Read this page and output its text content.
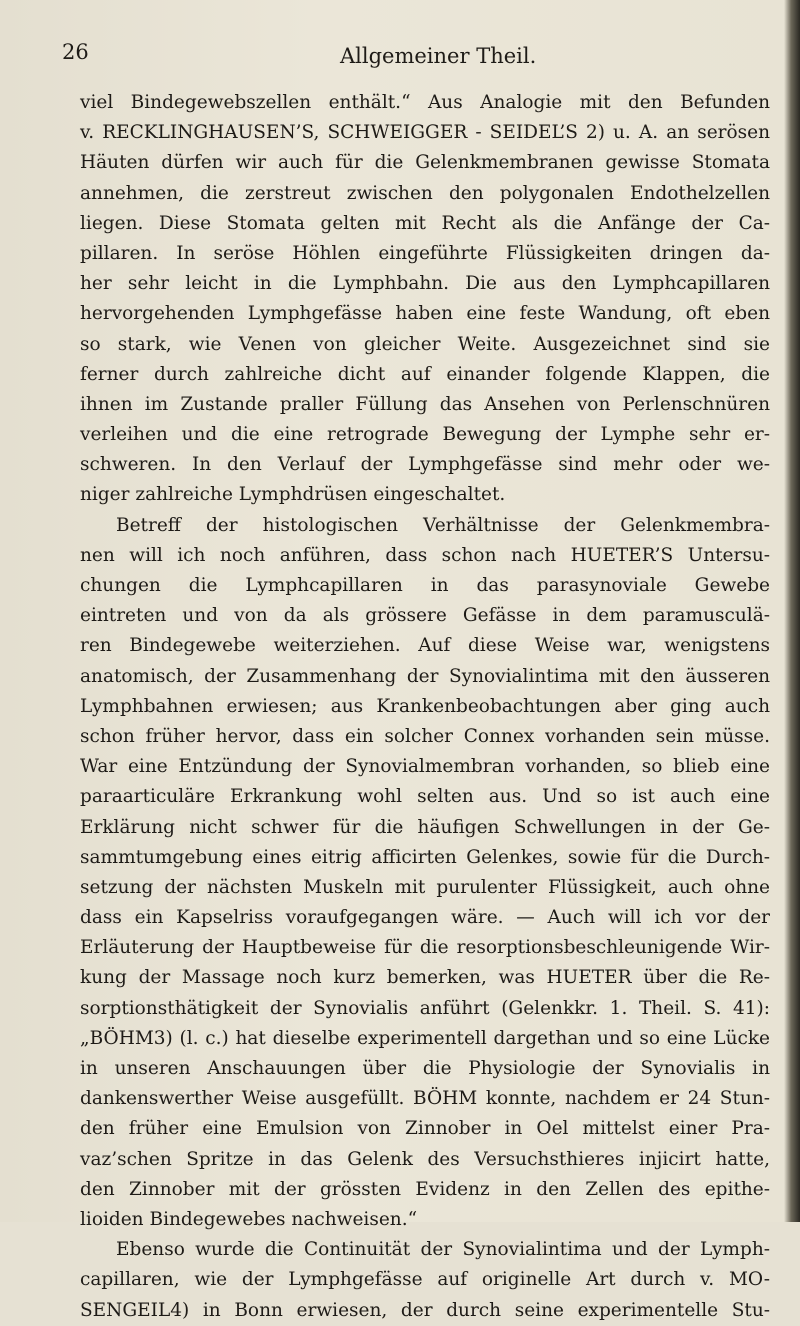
26	Allgemeiner Theil.
viel Bindegewebszellen enthält.“ Aus Analogie mit den Befunden
v. RECKLINGHAUSEN’S, SCHWEIGGER - SEIDEL’S 2) u. A. an serösen
Häuten dürfen wir auch für die Gelenkmembranen gewisse Stomata
annehmen, die zerstreut zwischen den polygonalen Endothelzellen
liegen. Diese Stomata gelten mit Recht als die Anfänge der Ca-
pillaren. In seröse Höhlen eingeführte Flüssigkeiten dringen da-
her sehr leicht in die Lymphbahn. Die aus den Lymphcapillaren
hervorgehenden Lymphgefässe haben eine feste Wandung, oft eben
so stark, wie Venen von gleicher Weite. Ausgezeichnet sind sie
ferner durch zahlreiche dicht auf einander folgende Klappen, die
ihnen im Zustande praller Füllung das Ansehen von Perlenschnüren
verleihen und die eine retrograde Bewegung der Lymphe sehr er-
schweren. In den Verlauf der Lymphgefässe sind mehr oder we-
niger zahlreiche Lymphdrüsen eingeschaltet.
Betreff der histologischen Verhältnisse der Gelenkmembra-
nen will ich noch anführen, dass schon nach HUETER’S Untersu-
chungen die Lymphcapillaren in das parasynoviale Gewebe
eintreten und von da als grössere Gefässe in dem paramusculä-
ren Bindegewebe weiterziehen. Auf diese Weise war, wenigstens
anatomisch, der Zusammenhang der Synovialintima mit den äusseren
Lymphbahnen erwiesen; aus Krankenbeobachtungen aber ging auch
schon früher hervor, dass ein solcher Connex vorhanden sein müsse.
War eine Entzündung der Synovialmembran vorhanden, so blieb eine
paraarticuläre Erkrankung wohl selten aus. Und so ist auch eine
Erklärung nicht schwer für die häufigen Schwellungen in der Ge-
sammtumgebung eines eitrig afficirten Gelenkes, sowie für die Durch-
setzung der nächsten Muskeln mit purulenter Flüssigkeit, auch ohne
dass ein Kapselriss voraufgegangen wäre. — Auch will ich vor der
Erläuterung der Hauptbeweise für die resorptionsbeschleunigende Wir-
kung der Massage noch kurz bemerken, was HUETER über die Re-
sorptionsthätigkeit der Synovialis anführt (Gelenkkr. 1. Theil. S. 41):
„BÖHM3) (l. c.) hat dieselbe experimentell dargethan und so eine Lücke
in unseren Anschauungen über die Physiologie der Synovialis in
dankenswerther Weise ausgefüllt. BÖHM konnte, nachdem er 24 Stun-
den früher eine Emulsion von Zinnober in Oel mittelst einer Pra-
vaz’schen Spritze in das Gelenk des Versuchsthieres injicirt hatte,
den Zinnober mit der grössten Evidenz in den Zellen des epithe-
lioiden Bindegewebes nachweisen.“
Ebenso wurde die Continuität der Synovialintima und der Lymph-
capillaren, wie der Lymphgefässe auf originelle Art durch v. MO-
SENGEIL4) in Bonn erwiesen, der durch seine experimentelle Stu-
